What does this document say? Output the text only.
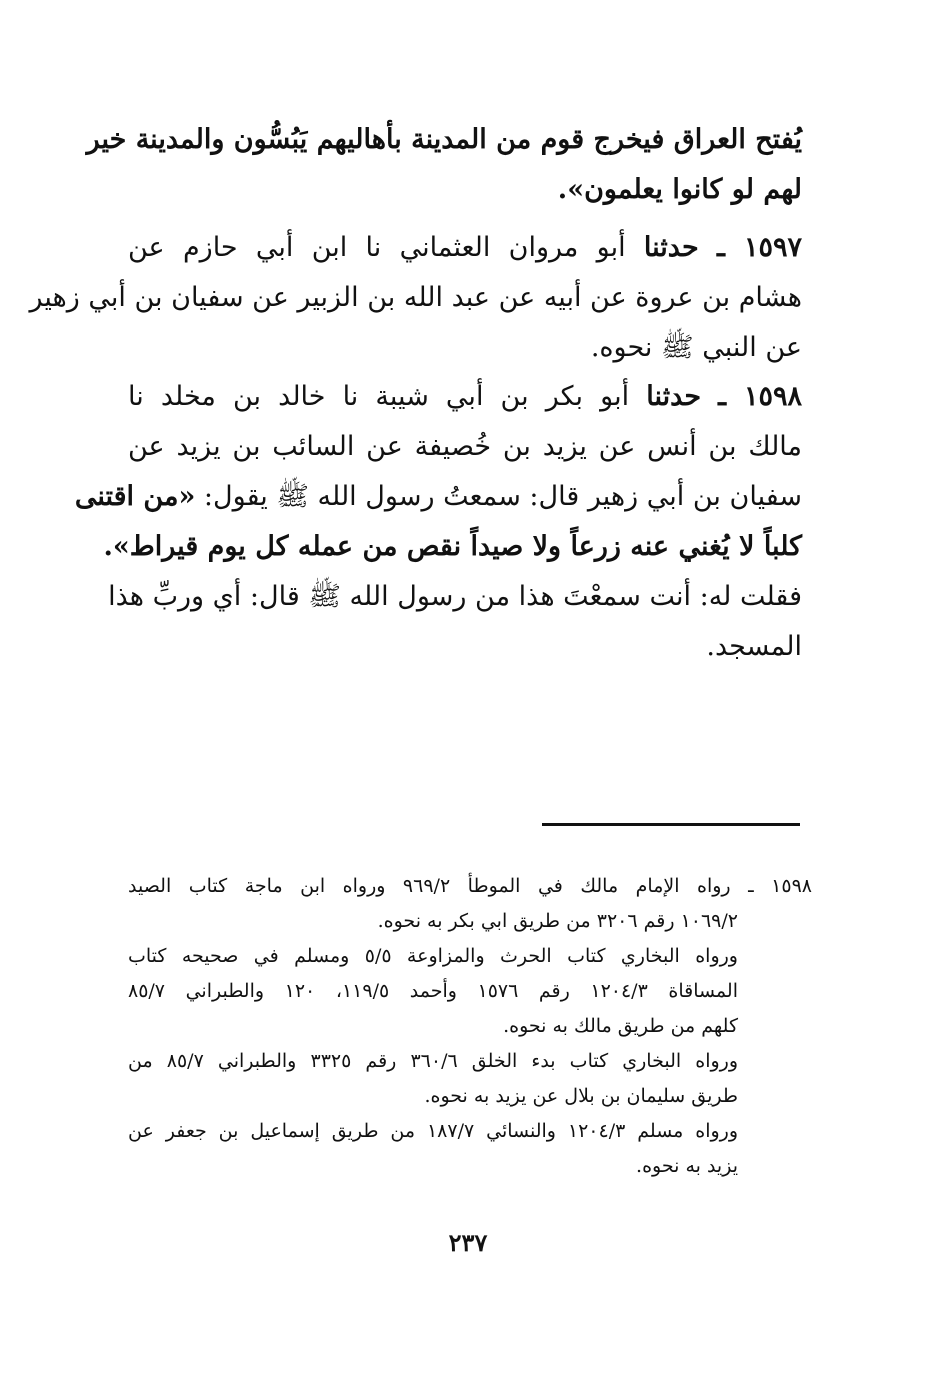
يُفتح العراق فيخرج قوم من المدينة بأهاليهم يَبُسُّون والمدينة خير
لهم لو كانوا يعلمون».
١٥٩٧ ـ حدثنا أبو مروان العثماني نا ابن أبي حازم عن
هشام بن عروة عن أبيه عن عبد الله بن الزبير عن سفيان بن أبي زهير
عن النبي ﷺ نحوه.
١٥٩٨ ـ حدثنا أبو بكر بن أبي شيبة نا خالد بن مخلد نا
مالك بن أنس عن يزيد بن خُصيفة عن السائب بن يزيد عن
سفيان بن أبي زهير قال: سمعتُ رسول الله ﷺ يقول: «من اقتنى
كلباً لا يُغني عنه زرعاً ولا صيداً نقص من عمله كل يوم قيراط».
فقلت له: أنت سمعْتَ هذا من رسول الله ﷺ قال: أي وربِّ هذا
المسجد.
١٥٩٨ ـ رواه الإمام مالك في الموطأ ٩٦٩/٢ ورواه ابن ماجة كتاب الصيد
١٠٦٩/٢ رقم ٣٢٠٦ من طريق ابي بكر به نحوه.
ورواه البخاري كتاب الحرث والمزاوعة ٥/٥ ومسلم في صحيحه كتاب
المساقاة ١٢٠٤/٣ رقم ١٥٧٦ وأحمد ١١٩/٥، ١٢٠ والطبراني ٨٥/٧
كلهم من طريق مالك به نحوه.
ورواه البخاري كتاب بدء الخلق ٣٦٠/٦ رقم ٣٣٢٥ والطبراني ٨٥/٧ من
طريق سليمان بن بلال عن يزيد به نحوه.
ورواه مسلم ١٢٠٤/٣ والنسائي ١٨٧/٧ من طريق إسماعيل بن جعفر عن
يزيد به نحوه.
٢٣٧
